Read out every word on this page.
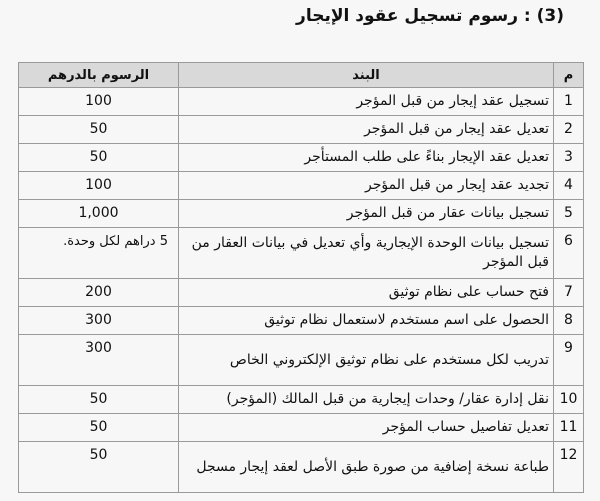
(3) : رسوم تسجيل عقود الإيجار
م	البند	الرسوم بالدرهم
1	تسجيل عقد إيجار من قبل المؤجر	100
2	تعديل عقد إيجار من قبل المؤجر	50
3	تعديل عقد الإيجار بناءً على طلب المستأجر	50
4	تجديد عقد إيجار من قبل المؤجر	100
5	تسجيل بيانات عقار من قبل المؤجر	1,000
6	تسجيل بيانات الوحدة الإيجارية وأي تعديل في بيانات العقار من قبل المؤجر	5 دراهم لكل وحدة.
7	فتح حساب على نظام توثيق	200
8	الحصول على اسم مستخدم لاستعمال نظام توثيق	300
9	تدريب لكل مستخدم على نظام توثيق الإلكتروني الخاص	300
10	نقل إدارة عقار/ وحدات إيجارية من قبل المالك (المؤجر)	50
11	تعديل تفاصيل حساب المؤجر	50
12	طباعة نسخة إضافية من صورة طبق الأصل لعقد إيجار مسجل	50
